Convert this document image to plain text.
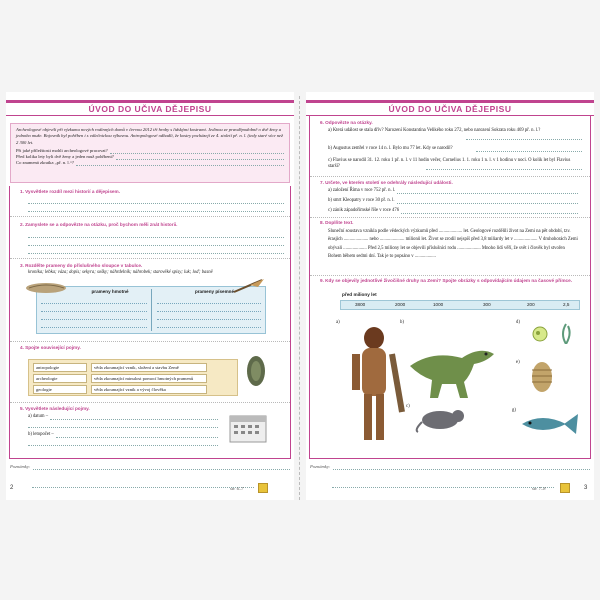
ÚVOD DO UČIVA DĚJEPISU
Archeologové objevili při výzkumu nových rodinných domů v červnu 2012 tři hroby s lidskými kostrami. Jedinou ze pravděpodobně o dvě ženy a jednoho muže. Bojovník byl pohřben i s válečnickou výbavou. Antropologové odhadli, že kostry pocházejí ze 4. století př. n. l. (tedy staré více než 2 300 let.
Při jaké příležitosti mohli archeologové pracovat?
Před kolika lety byli dvě ženy a jeden muž pohřbeni?
Co znamená zkratka „př. n. l.“?
1. Vysvětlete rozdíl mezi historií a dějepisem.
2. Zamyslete se a odpovězte na otázku, proč bychom měli znát historii.
3. Rozdělte prameny do příslušného sloupce v tabulce.
kronika; lebka; váza; dopis; sekyra; sošky; náhrdelník; náhrobek; starověké spisy; luk; loď; basně
prameny hmotné	prameny písemné
4. Spojte související pojmy.
antropologie	věda zkoumající vznik, složení a stavbu Země
archeologie	věda zkoumající minulost pomocí hmotných pramenů
geologie	věda zkoumající vznik a vývoj člověka
5. Vysvětlete následující pojmy.
a) datum –
b) letopočet –
Poznámky:
2	str. 6–7
ÚVOD DO UČIVA DĚJEPISU
6. Odpovězte na otázky.
a) Která událost se stala dřív? Narození Konstantina Velikého roku 272, nebo narození Sokrata roku 469 př. n. l.?
b) Augustus zemřel v roce 14 n. l. Bylo mu 77 let. Kdy se narodil?
c) Flavius se narodil 31. 12. roku 1 př. n. l. v 11 hodin večer, Cornelius 1. 1. roku 1 n. l. v 1 hodinu v noci. O kolik let byl Flavius starší?
7. Určete, ve kterém století se odehrály následující události.
a) založení Říma v roce 752 př. n. l.
b) smrt Kleopatry v roce 30 př. n. l.
c) zánik západořímské říše v roce 476
8. Doplňte text.
Sluneční soustava vznikla podle vědeckých výzkumů před .................... let. Geologové rozdělili život na Zemi na pět období, tzv. ěrasjich ..................... nebo ..................... milionů let. Život se zrodil nejspíš před 3,8 miliardy let v .................... V druhohorách Zemi obývali .................... Před 2,5 miliony let se objevili příslušníci rodu .................... Mnoho lidí věří, že svět i člověk byl stvořen Bohem během sedmi dní. Tak je to popsáno v ..................
9. Kdy se objevily jednotlivé živočišné druhy na Zemi? Spojte obrázky s odpovídajícím údajem na časové přímce.
před miliony let
3800	2000	1000	300	200	2,5
a)	b)	d)
e)
c)
g)
Poznámky:
str. 7–8	3
